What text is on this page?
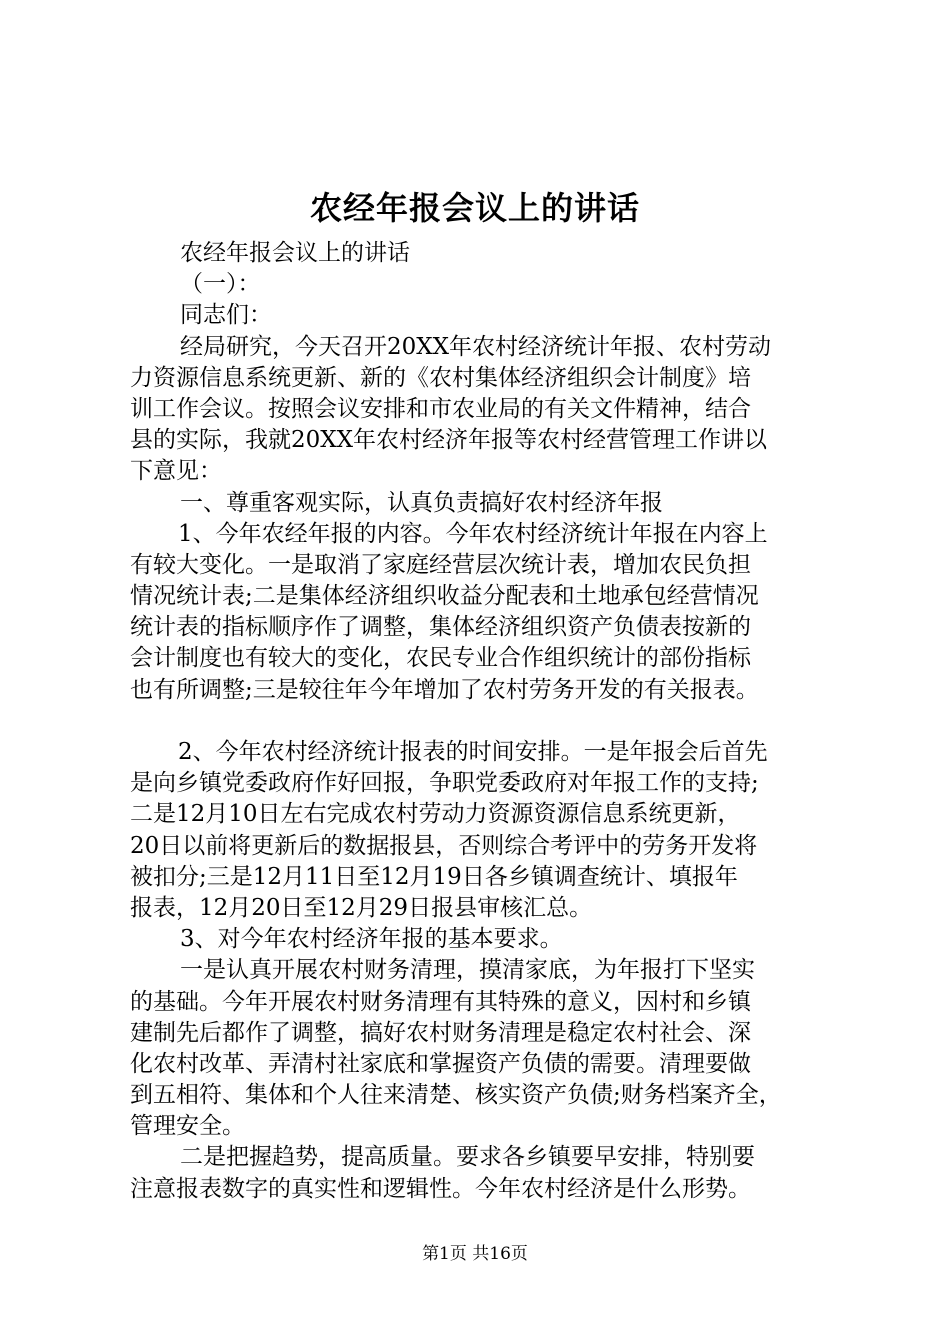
农经年报会议上的讲话
农经年报会议上的讲话
（一）：
同志们：
经局研究，今天召开20XX年农村经济统计年报、农村劳动
力资源信息系统更新、新的《农村集体经济组织会计制度》培
训工作会议。按照会议安排和市农业局的有关文件精神，结合
县的实际，我就20XX年农村经济年报等农村经营管理工作讲以
下意见：
一、尊重客观实际，认真负责搞好农村经济年报
1、今年农经年报的内容。今年农村经济统计年报在内容上
有较大变化。一是取消了家庭经营层次统计表，增加农民负担
情况统计表;二是集体经济组织收益分配表和土地承包经营情况
统计表的指标顺序作了调整，集体经济组织资产负债表按新的
会计制度也有较大的变化，农民专业合作组织统计的部份指标
也有所调整;三是较往年今年增加了农村劳务开发的有关报表。
2、今年农村经济统计报表的时间安排。一是年报会后首先
是向乡镇党委政府作好回报，争职党委政府对年报工作的支持;
二是12月10日左右完成农村劳动力资源资源信息系统更新，
20日以前将更新后的数据报县，否则综合考评中的劳务开发将
被扣分;三是12月11日至12月19日各乡镇调查统计、填报年
报表，12月20日至12月29日报县审核汇总。
3、对今年农村经济年报的基本要求。
一是认真开展农村财务清理，摸清家底，为年报打下坚实
的基础。今年开展农村财务清理有其特殊的意义，因村和乡镇
建制先后都作了调整，搞好农村财务清理是稳定农村社会、深
化农村改革、弄清村社家底和掌握资产负债的需要。清理要做
到五相符、集体和个人往来清楚、核实资产负债;财务档案齐全，
管理安全。
二是把握趋势，提高质量。要求各乡镇要早安排，特别要
注意报表数字的真实性和逻辑性。今年农村经济是什么形势。
第1页 共16页
